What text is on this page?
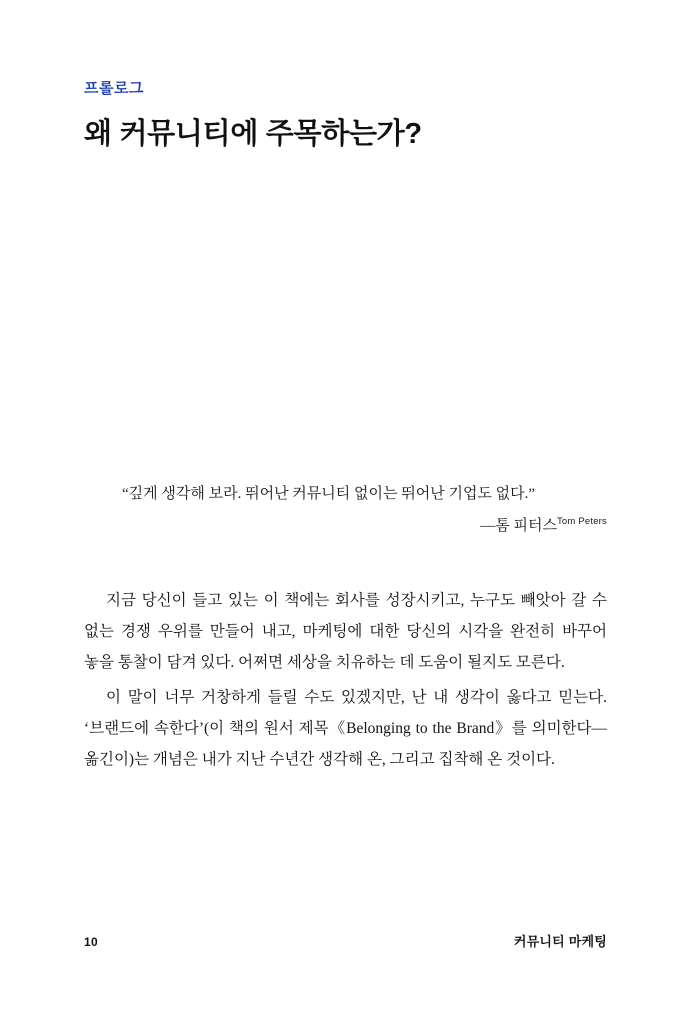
프롤로그

왜 커뮤니티에 주목하는가?

“깊게 생각해 보라. 뛰어난 커뮤니티 없이는 뛰어난 기업도 없다.”

―톰 피터스$^{Tom Peters}$

지금 당신이 들고 있는 이 책에는 회사를 성장시키고, 누구도 빼앗아 갈 수 없는 경쟁 우위를 만들어 내고, 마케팅에 대한 당신의 시각을 완전히 바꾸어 놓을 통찰이 담겨 있다. 어쩌면 세상을 치유하는 데 도움이 될지도 모른다.

이 말이 너무 거창하게 들릴 수도 있겠지만, 난 내 생각이 옳다고 믿는다. ‘브랜드에 속한다’(이 책의 원서 제목《Belonging to the Brand》를 의미한다―옮긴이)는 개념은 내가 지난 수년간 생각해 온, 그리고 집착해 온 것이다.

10	커뮤니티 마케팅
